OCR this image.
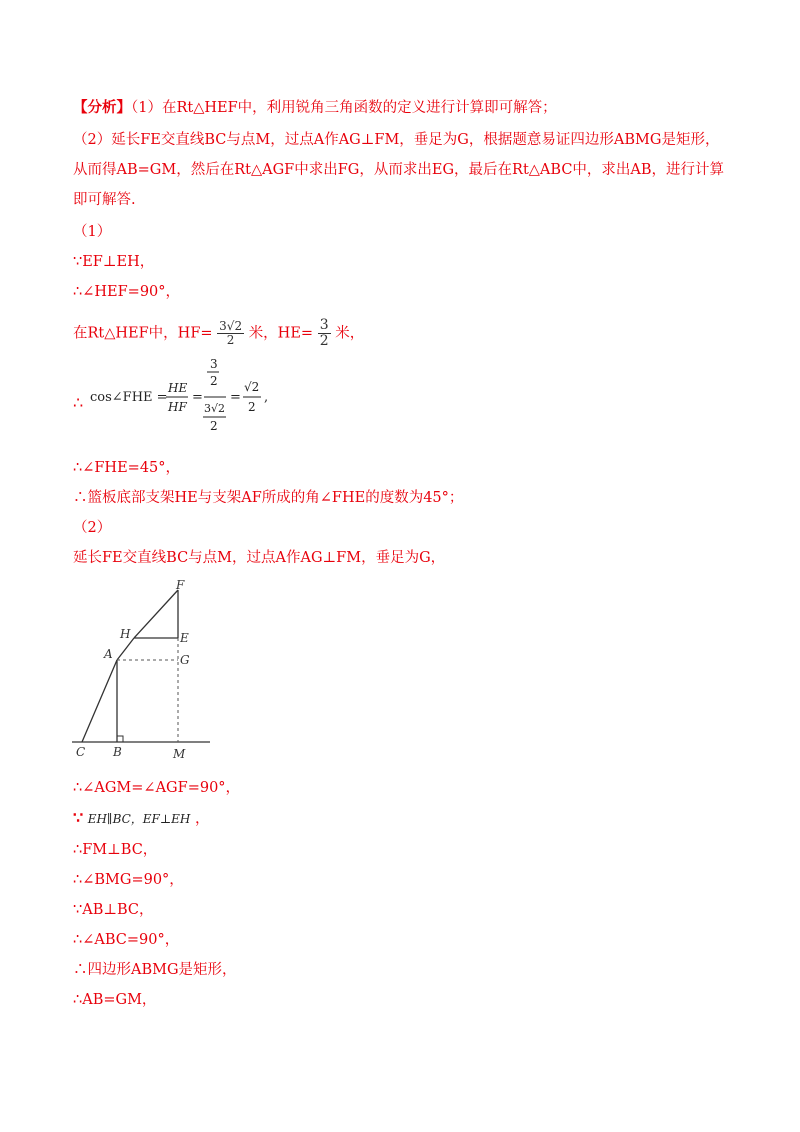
【分析】（1）在Rt△HEF中，利用锐角三角函数的定义进行计算即可解答；
（2）延长FE交直线BC与点M，过点A作AG⊥FM，垂足为G，根据题意易证四边形ABMG是矩形，从而得AB=GM，然后在Rt△AGF中求出FG，从而求出EG，最后在Rt△ABC中，求出AB，进行计算即可解答.
（1）
∵EF⊥EH，
∴∠HEF=90°，
在Rt△HEF中，$HF= \frac{3√2}{2}$ 米，$HE= \frac{3}{2}$ 米，
∴ cos∠FHE =
HE
HF
=
3
2
3√2
2
=
√2
2
,
∴∠FHE=45°，
∴篮板底部支架HE与支架AF所成的角∠FHE的度数为45°；
（2）
延长FE交直线BC与点M，过点A作AG⊥FM，垂足为G，
F
H	E
A	G
C B	M
∴∠AGM=∠AGF=90°，
∵ EH∥BC，EF⊥EH ，
∴FM⊥BC，
∴∠BMG=90°，
∵AB⊥BC，
∴∠ABC=90°，
∴四边形ABMG是矩形，
∴AB=GM，
